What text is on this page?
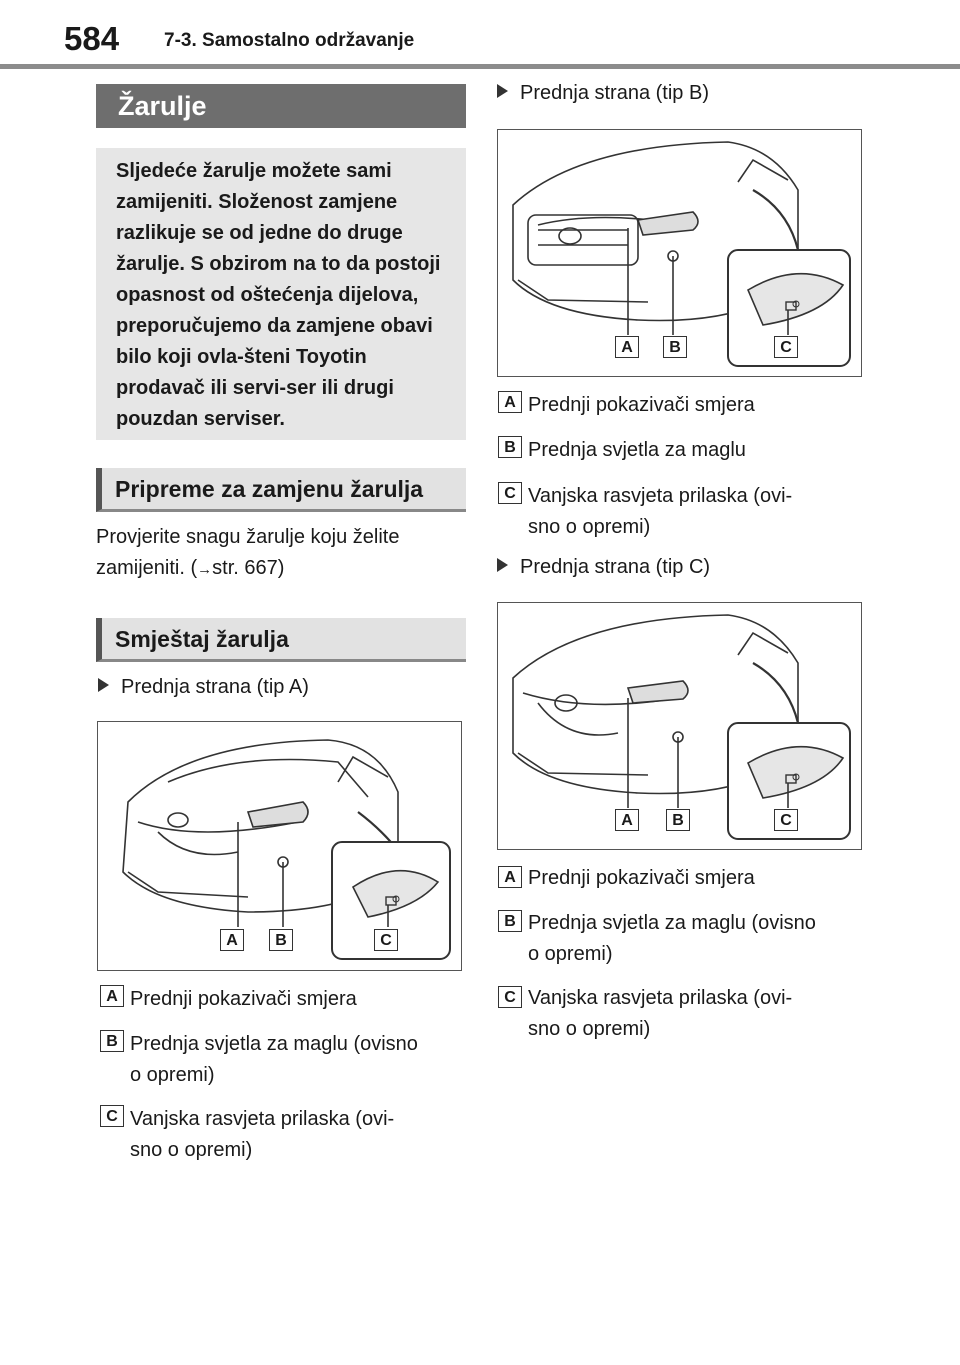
584 7-3. Samostalno održavanje
Žarulje
Sljedeće žarulje možete sami zamijeniti. Složenost zamjene razlikuje se od jedne do druge žarulje. S obzirom na to da postoji opasnost od oštećenja dijelova, preporučujemo da zamjene obavi bilo koji ovla-šteni Toyotin prodavač ili servi-ser ili drugi pouzdan serviser.
Pripreme za zamjenu žarulja
Provjerite snagu žarulje koju želite
zamijeniti. (→str. 667)
Smještaj žarulja
Prednja strana (tip A)
A	B	C
A Prednji pokazivači smjera
B Prednja svjetla za maglu (ovisno
o opremi)
C Vanjska rasvjeta prilaska (ovi-
sno o opremi)
Prednja strana (tip B)
A	B	C
A Prednji pokazivači smjera
B Prednja svjetla za maglu
C Vanjska rasvjeta prilaska (ovi-
sno o opremi)
Prednja strana (tip C)
A	B	C
A Prednji pokazivači smjera
B Prednja svjetla za maglu (ovisno
o opremi)
C Vanjska rasvjeta prilaska (ovi-
sno o opremi)
